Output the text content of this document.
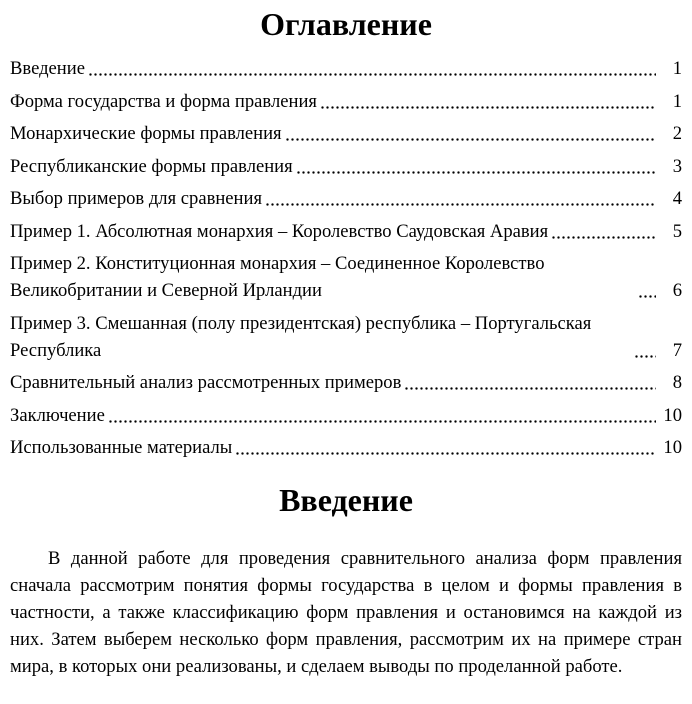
Оглавление
Введение	1
Форма государства и форма правления	1
Монархические формы правления	2
Республиканские формы правления	3
Выбор примеров для сравнения	4
Пример 1. Абсолютная монархия – Королевство Саудовская Аравия	5
Пример 2. Конституционная монархия – Соединенное Королевство Великобритании и Северной Ирландии	6
Пример 3. Смешанная (полу президентская) республика – Португальская Республика	7
Сравнительный анализ рассмотренных примеров	8
Заключение	10
Использованные материалы	10
Введение

В данной работе для проведения сравнительного анализа форм правления сначала рассмотрим понятия формы государства в целом и формы правления в частности, а также классификацию форм правления и остановимся на каждой из них. Затем выберем несколько форм правления, рассмотрим их на примере стран мира, в которых они реализованы, и сделаем выводы по проделанной работе.
